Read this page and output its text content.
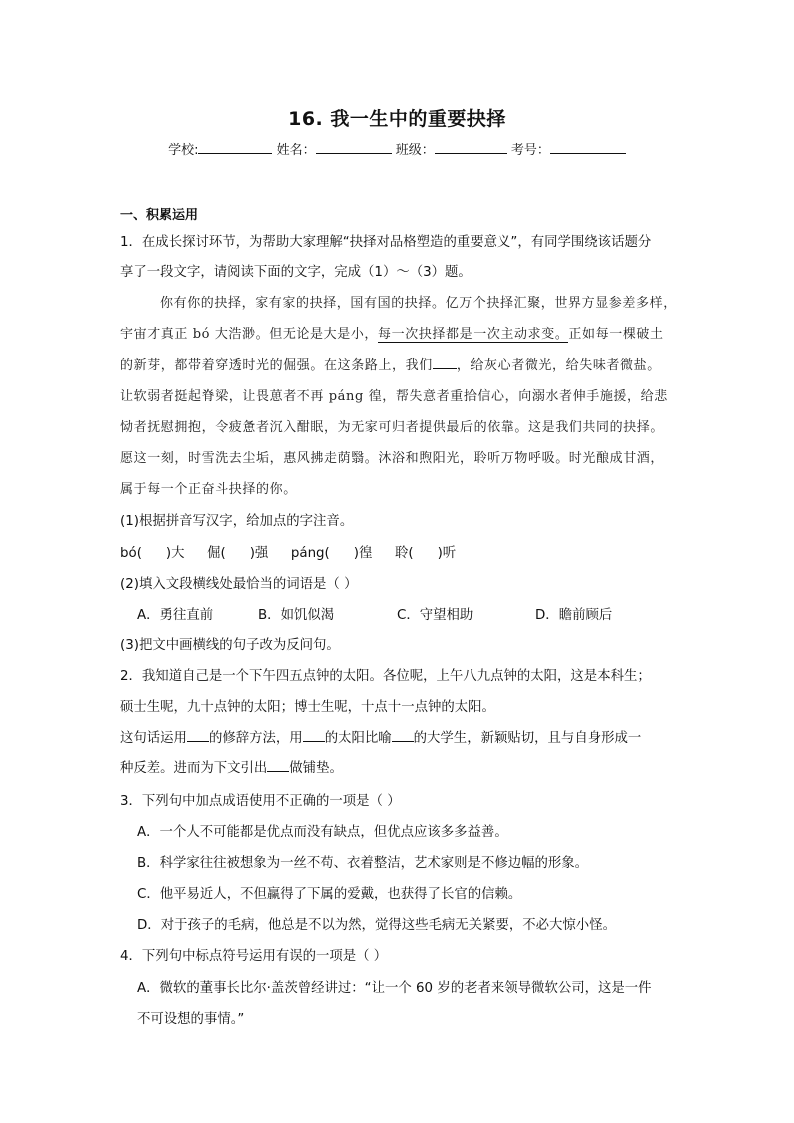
16. 我一生中的重要抉择
学校:	姓名：	班级：	考号：
一、积累运用
1．在成长探讨环节，为帮助大家理解“抉择对品格塑造的重要意义”，有同学围绕该话题分
享了一段文字，请阅读下面的文字，完成（1）～（3）题。
你有你的抉择，家有家的抉择，国有国的抉择。亿万个抉择汇聚，世界方显参差多样，
宇宙才真正 bó 大浩渺。但无论是大是小，每一次抉择都是一次主动求变。正如每一棵破土
的新芽，都带着穿透时光的倔强。在这条路上，我们 ，给灰心者微光，给失味者微盐。
让软弱者挺起脊梁，让畏葸者不再 páng 徨，帮失意者重拾信心，向溺水者伸手施援，给悲
恸者抚慰拥抱，令疲惫者沉入酣眠，为无家可归者提供最后的依靠。这是我们共同的抉择。
愿这一刻，时雪洗去尘垢，惠风拂走荫翳。沐浴和煦阳光，聆听万物呼吸。时光酿成甘酒，
属于每一个正奋斗抉择的你。
(1)根据拼音写汉字，给加点的字注音。
bó( )大 倔( )强 páng( )徨 聆( )听
(2)填入文段横线处最恰当的词语是（ ）
A．勇往直前	B．如饥似渴	C．守望相助	D．瞻前顾后
(3)把文中画横线的句子改为反问句。
2．我知道自己是一个下午四五点钟的太阳。各位呢，上午八九点钟的太阳，这是本科生；
硕士生呢，九十点钟的太阳；博士生呢，十点十一点钟的太阳。
这句话运用 的修辞方法，用 的太阳比喻 的大学生，新颖贴切，且与自身形成一
种反差。进而为下文引出 做铺垫。
3．下列句中加点成语使用不正确的一项是（ ）
A．一个人不可能都是优点而没有缺点，但优点应该多多益善。
B．科学家往往被想象为一丝不苟、衣着整洁，艺术家则是不修边幅的形象。
C．他平易近人，不但赢得了下属的爱戴，也获得了长官的信赖。
D．对于孩子的毛病，他总是不以为然，觉得这些毛病无关紧要，不必大惊小怪。
4．下列句中标点符号运用有误的一项是（ ）
A．微软的董事长比尔·盖茨曾经讲过：“让一个 60 岁的老者来领导微软公司，这是一件
不可设想的事情。”
